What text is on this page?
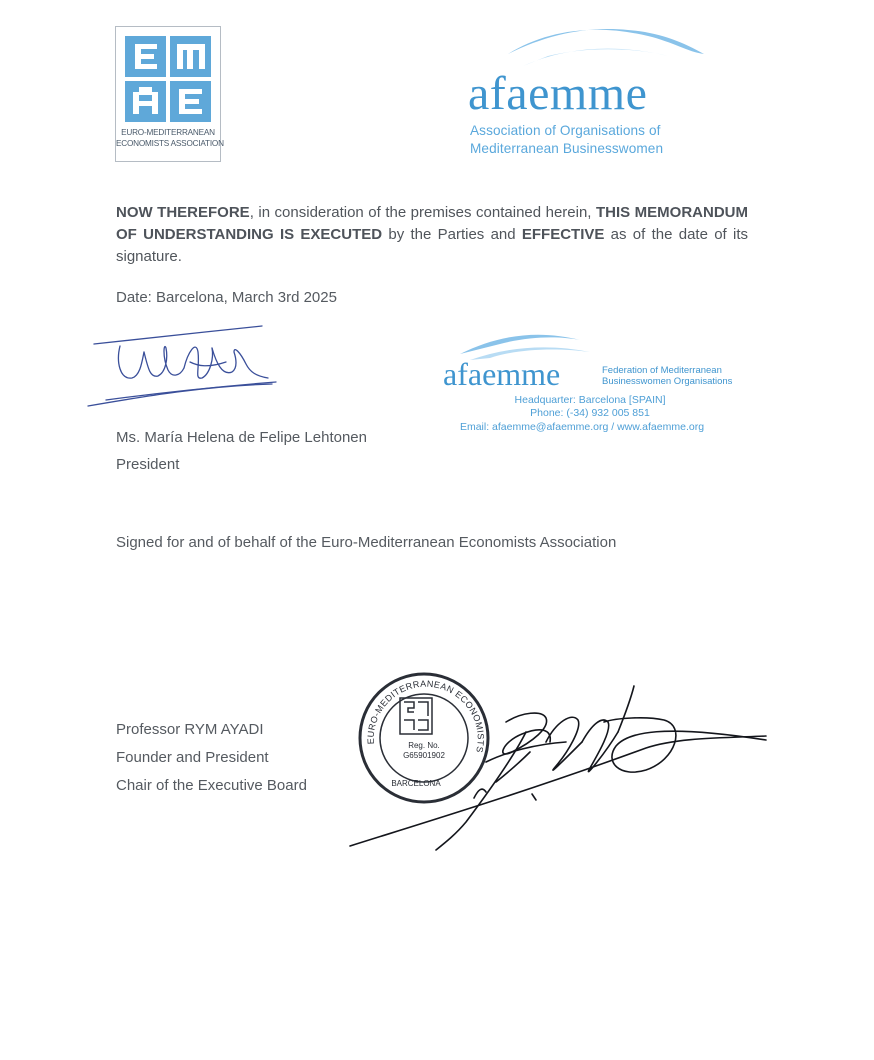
EURO-MEDITERRANEAN
ECONOMISTS ASSOCIATION
afaemme
Association of Organisations of
Mediterranean Businesswomen
NOW THEREFORE, in consideration of the premises contained herein, THIS MEMORANDUM OF UNDERSTANDING IS EXECUTED by the Parties and EFFECTIVE as of the date of its signature.
Date: Barcelona, March 3rd 2025
afaemme	Federation of Mediterranean
Businesswomen Organisations
Headquarter: Barcelona [SPAIN]
Phone: (-34) 932 005 851
Email: afaemme@afaemme.org / www.afaemme.org
Ms. María Helena de Felipe Lehtonen
President
Signed for and of behalf of the Euro-Mediterranean Economists Association
Professor RYM AYADI
Founder and President
Chair of the Executive Board
EURO-MEDITERRANEAN ECONOMISTS ASSOCIATION
Reg. No.
G65901902
BARCELONA
